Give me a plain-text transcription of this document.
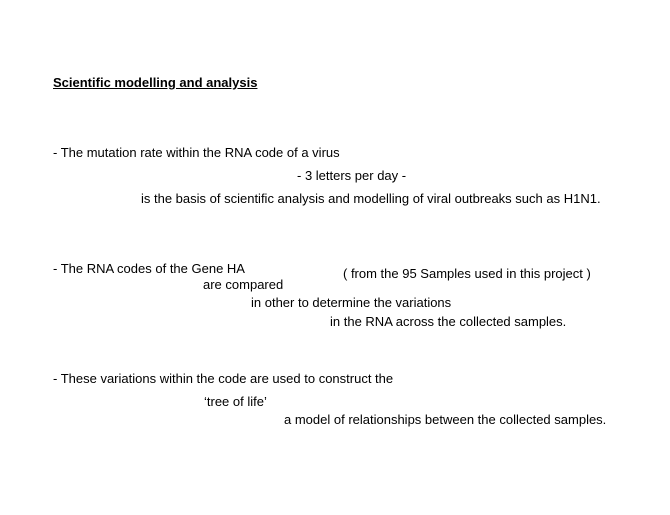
Scientific modelling and analysis
- The mutation rate within the RNA code of a virus
- 3 letters per day -
is the basis of scientific analysis and modelling of viral outbreaks such as H1N1.
- The RNA codes of the Gene HA	( from the 95 Samples used in this project )
are compared
in other to determine the variations
in the RNA across the collected samples.
- These variations within the code are used to construct the
‘tree of life’
a model of relationships between the collected samples.
